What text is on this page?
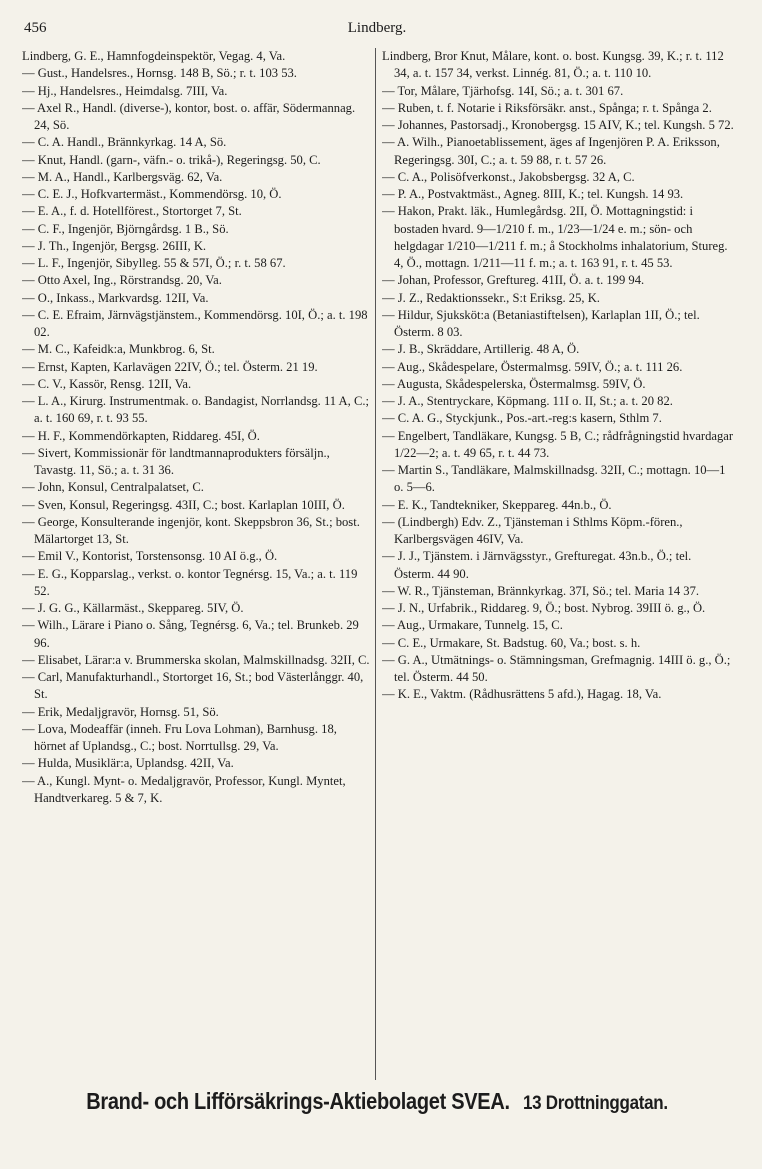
456	Lindberg.

Lindberg, G. E., Hamnfogdeinspektör, Vegag. 4, Va.

— Gust., Handelsres., Hornsg. 148 B, Sö.; r. t. 103 53.

— Hj., Handelsres., Heimdalsg. 7III, Va.

— Axel R., Handl. (diverse-), kontor, bost. o. affär, Södermannag. 24, Sö.

— C. A. Handl., Brännkyrkag. 14 A, Sö.

— Knut, Handl. (garn-, väfn.- o. trikå-), Regeringsg. 50, C.

— M. A., Handl., Karlbergsväg. 62, Va.

— C. E. J., Hofkvartermäst., Kommendörsg. 10, Ö.

— E. A., f. d. Hotellförest., Stortorget 7, St.

— C. F., Ingenjör, Björngårdsg. 1 B., Sö.

— J. Th., Ingenjör, Bergsg. 26III, K.

— L. F., Ingenjör, Sibylleg. 55 & 57I, Ö.; r. t. 58 67.

— Otto Axel, Ing., Rörstrandsg. 20, Va.

— O., Inkass., Markvardsg. 12II, Va.

— C. E. Efraim, Järnvägstjänstem., Kommendörsg. 10I, Ö.; a. t. 198 02.

— M. C., Kafeidk:a, Munkbrog. 6, St.

— Ernst, Kapten, Karlavägen 22IV, Ö.; tel. Österm. 21 19.

— C. V., Kassör, Rensg. 12II, Va.

— L. A., Kirurg. Instrumentmak. o. Bandagist, Norrlandsg. 11 A, C.; a. t. 160 69, r. t. 93 55.

— H. F., Kommendörkapten, Riddareg. 45I, Ö.

— Sivert, Kommissionär för landtmannaprodukters försäljn., Tavastg. 11, Sö.; a. t. 31 36.

— John, Konsul, Centralpalatset, C.

— Sven, Konsul, Regeringsg. 43II, C.; bost. Karlaplan 10III, Ö.

— George, Konsulterande ingenjör, kont. Skeppsbron 36, St.; bost. Mälartorget 13, St.

— Emil V., Kontorist, Torstensonsg. 10 AI ö.g., Ö.

— E. G., Kopparslag., verkst. o. kontor Tegnérsg. 15, Va.; a. t. 119 52.

— J. G. G., Källarmäst., Skeppareg. 5IV, Ö.

— Wilh., Lärare i Piano o. Sång, Tegnérsg. 6, Va.; tel. Brunkeb. 29 96.

— Elisabet, Lärar:a v. Brummerska skolan, Malmskillnadsg. 32II, C.

— Carl, Manufakturhandl., Stortorget 16, St.; bod Västerlånggr. 40, St.

— Erik, Medaljgravör, Hornsg. 51, Sö.

— Lova, Modeaffär (inneh. Fru Lova Lohman), Barnhusg. 18, hörnet af Uplandsg., C.; bost. Norrtullsg. 29, Va.

— Hulda, Musiklär:a, Uplandsg. 42II, Va.

— A., Kungl. Mynt- o. Medaljgravör, Professor, Kungl. Myntet, Handtverkareg. 5 & 7, K.

Lindberg, Bror Knut, Målare, kont. o. bost. Kungsg. 39, K.; r. t. 112 34, a. t. 157 34, verkst. Linnég. 81, Ö.; a. t. 110 10.

— Tor, Målare, Tjärhofsg. 14I, Sö.; a. t. 301 67.

— Ruben, t. f. Notarie i Riksförsäkr. anst., Spånga; r. t. Spånga 2.

— Johannes, Pastorsadj., Kronobergsg. 15 AIV, K.; tel. Kungsh. 5 72.

— A. Wilh., Pianoetablissement, äges af Ingenjören P. A. Eriksson, Regeringsg. 30I, C.; a. t. 59 88, r. t. 57 26.

— C. A., Polisöfverkonst., Jakobsbergsg. 32 A, C.

— P. A., Postvaktmäst., Agneg. 8III, K.; tel. Kungsh. 14 93.

— Hakon, Prakt. läk., Humlegårdsg. 2II, Ö. Mottagningstid: i bostaden hvard. 9—1/210 f. m., 1/23—1/24 e. m.; sön- och helgdagar 1/210—1/211 f. m.; å Stockholms inhalatorium, Stureg. 4, Ö., mottagn. 1/211—11 f. m.; a. t. 163 91, r. t. 45 53.

— Johan, Professor, Greftureg. 41II, Ö. a. t. 199 94.

— J. Z., Redaktionssekr., S:t Eriksg. 25, K.

— Hildur, Sjuksköt:a (Betaniastiftelsen), Karlaplan 1II, Ö.; tel. Österm. 8 03.

— J. B., Skräddare, Artillerig. 48 A, Ö.

— Aug., Skådespelare, Östermalmsg. 59IV, Ö.; a. t. 111 26.

— Augusta, Skådespelerska, Östermalmsg. 59IV, Ö.

— J. A., Stentryckare, Köpmang. 11I o. II, St.; a. t. 20 82.

— C. A. G., Styckjunk., Pos.-art.-reg:s kasern, Sthlm 7.

— Engelbert, Tandläkare, Kungsg. 5 B, C.; rådfrågningstid hvardagar 1/22—2; a. t. 49 65, r. t. 44 73.

— Martin S., Tandläkare, Malmskillnadsg. 32II, C.; mottagn. 10—1 o. 5—6.

— E. K., Tandtekniker, Skeppareg. 44n.b., Ö.

— (Lindbergh) Edv. Z., Tjänsteman i Sthlms Köpm.-fören., Karlbergsvägen 46IV, Va.

— J. J., Tjänstem. i Järnvägsstyr., Grefturegat. 43n.b., Ö.; tel. Österm. 44 90.

— W. R., Tjänsteman, Brännkyrkag. 37I, Sö.; tel. Maria 14 37.

— J. N., Urfabrik., Riddareg. 9, Ö.; bost. Nybrog. 39III ö. g., Ö.

— Aug., Urmakare, Tunnelg. 15, C.

— C. E., Urmakare, St. Badstug. 60, Va.; bost. s. h.

— G. A., Utmätnings- o. Stämningsman, Grefmagnig. 14III ö. g., Ö.; tel. Österm. 44 50.

— K. E., Vaktm. (Rådhusrättens 5 afd.), Hagag. 18, Va.

Brand- och Lifförsäkrings-Aktiebolaget SVEA. 13 Drottninggatan.
